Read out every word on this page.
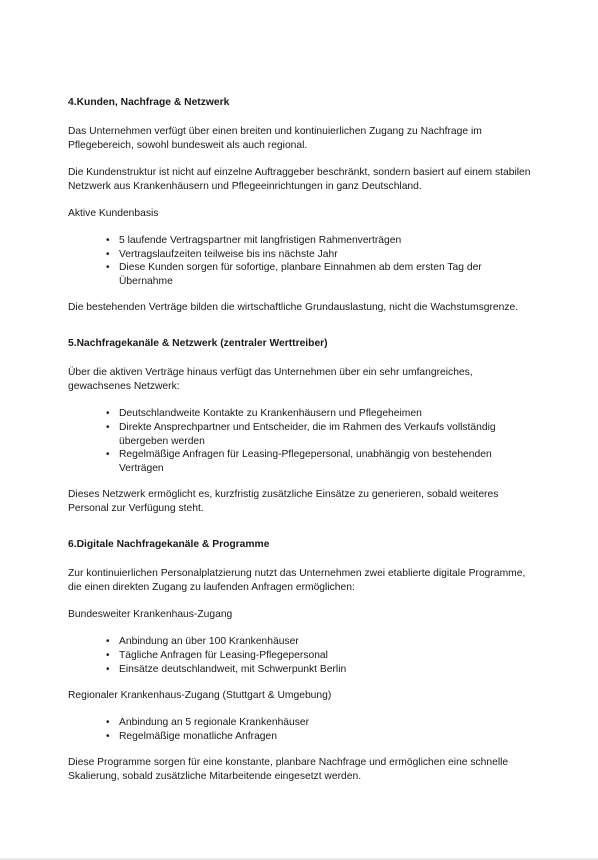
4.Kunden, Nachfrage & Netzwerk

Das Unternehmen verfügt über einen breiten und kontinuierlichen Zugang zu Nachfrage im Pflegebereich, sowohl bundesweit als auch regional.

Die Kundenstruktur ist nicht auf einzelne Auftraggeber beschränkt, sondern basiert auf einem stabilen Netzwerk aus Krankenhäusern und Pflegeeinrichtungen in ganz Deutschland.

Aktive Kundenbasis

• 5 laufende Vertragspartner mit langfristigen Rahmenverträgen
• Vertragslaufzeiten teilweise bis ins nächste Jahr
• Diese Kunden sorgen für sofortige, planbare Einnahmen ab dem ersten Tag der Übernahme

Die bestehenden Verträge bilden die wirtschaftliche Grundauslastung, nicht die Wachstumsgrenze.

5.Nachfragekanäle & Netzwerk (zentraler Werttreiber)

Über die aktiven Verträge hinaus verfügt das Unternehmen über ein sehr umfangreiches, gewachsenes Netzwerk:

• Deutschlandweite Kontakte zu Krankenhäusern und Pflegeheimen
• Direkte Ansprechpartner und Entscheider, die im Rahmen des Verkaufs vollständig übergeben werden
• Regelmäßige Anfragen für Leasing-Pflegepersonal, unabhängig von bestehenden Verträgen

Dieses Netzwerk ermöglicht es, kurzfristig zusätzliche Einsätze zu generieren, sobald weiteres Personal zur Verfügung steht.

6.Digitale Nachfragekanäle & Programme

Zur kontinuierlichen Personalplatzierung nutzt das Unternehmen zwei etablierte digitale Programme, die einen direkten Zugang zu laufenden Anfragen ermöglichen:

Bundesweiter Krankenhaus-Zugang

• Anbindung an über 100 Krankenhäuser
• Tägliche Anfragen für Leasing-Pflegepersonal
• Einsätze deutschlandweit, mit Schwerpunkt Berlin

Regionaler Krankenhaus-Zugang (Stuttgart & Umgebung)

• Anbindung an 5 regionale Krankenhäuser
• Regelmäßige monatliche Anfragen

Diese Programme sorgen für eine konstante, planbare Nachfrage und ermöglichen eine schnelle Skalierung, sobald zusätzliche Mitarbeitende eingesetzt werden.
